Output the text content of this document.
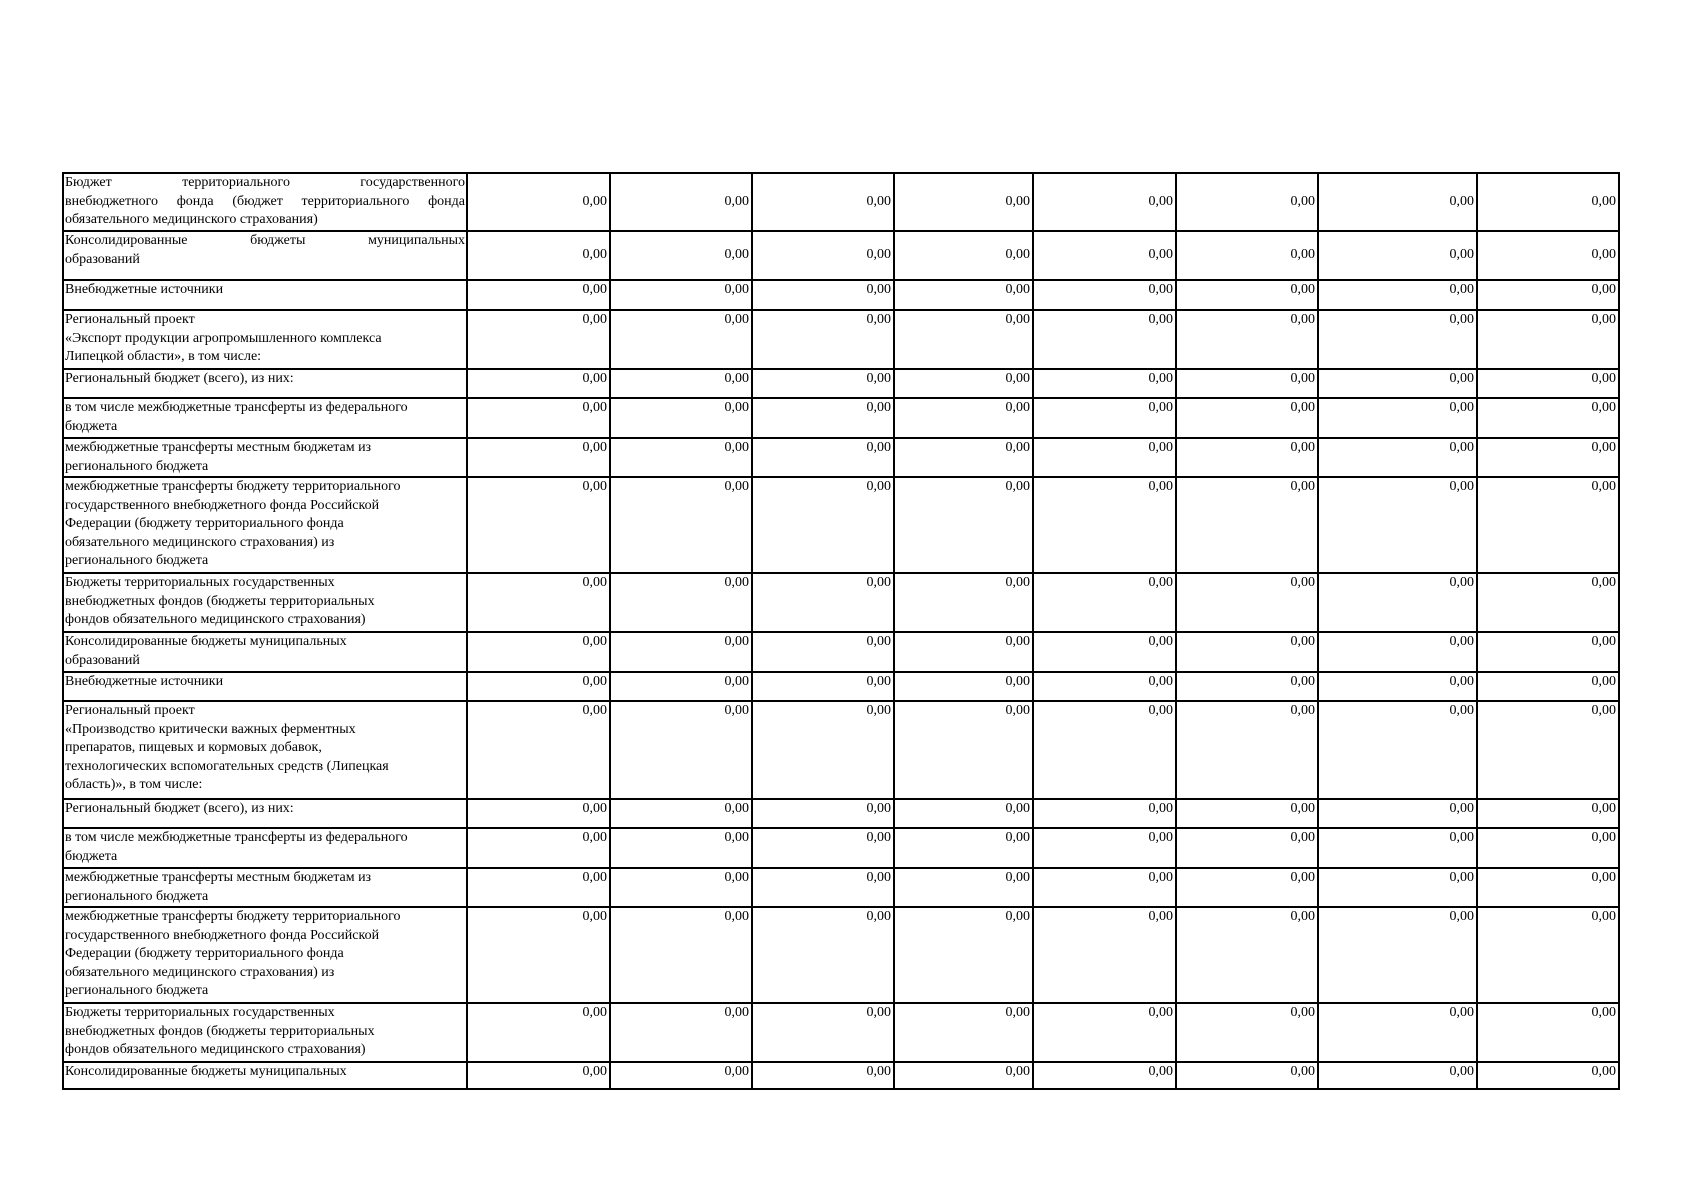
Бюджет территориального государственного
внебюджетного фонда (бюджет территориального фонда
обязательного медицинского страхования)	0,00	0,00	0,00	0,00	0,00	0,00	0,00	0,00

Консолидированные бюджеты муниципальных
образований	0,00	0,00	0,00	0,00	0,00	0,00	0,00	0,00

Внебюджетные источники	0,00	0,00	0,00	0,00	0,00	0,00	0,00	0,00

Региональный проект
«Экспорт продукции агропромышленного комплекса
Липецкой области», в том числе:	0,00	0,00	0,00	0,00	0,00	0,00	0,00	0,00

Региональный бюджет (всего), из них:	0,00	0,00	0,00	0,00	0,00	0,00	0,00	0,00

в том числе межбюджетные трансферты из федерального
бюджета	0,00	0,00	0,00	0,00	0,00	0,00	0,00	0,00

межбюджетные трансферты местным бюджетам из
регионального бюджета	0,00	0,00	0,00	0,00	0,00	0,00	0,00	0,00

межбюджетные трансферты бюджету территориального
государственного внебюджетного фонда Российской
Федерации (бюджету территориального фонда
обязательного медицинского страхования) из
регионального бюджета	0,00	0,00	0,00	0,00	0,00	0,00	0,00	0,00

Бюджеты территориальных государственных
внебюджетных фондов (бюджеты территориальных
фондов обязательного медицинского страхования)	0,00	0,00	0,00	0,00	0,00	0,00	0,00	0,00

Консолидированные бюджеты муниципальных
образований	0,00	0,00	0,00	0,00	0,00	0,00	0,00	0,00

Внебюджетные источники	0,00	0,00	0,00	0,00	0,00	0,00	0,00	0,00

Региональный проект
«Производство критически важных ферментных
препаратов, пищевых и кормовых добавок,
технологических вспомогательных средств (Липецкая
область)», в том числе:	0,00	0,00	0,00	0,00	0,00	0,00	0,00	0,00

Региональный бюджет (всего), из них:	0,00	0,00	0,00	0,00	0,00	0,00	0,00	0,00

в том числе межбюджетные трансферты из федерального
бюджета	0,00	0,00	0,00	0,00	0,00	0,00	0,00	0,00

межбюджетные трансферты местным бюджетам из
регионального бюджета	0,00	0,00	0,00	0,00	0,00	0,00	0,00	0,00

межбюджетные трансферты бюджету территориального
государственного внебюджетного фонда Российской
Федерации (бюджету территориального фонда
обязательного медицинского страхования) из
регионального бюджета	0,00	0,00	0,00	0,00	0,00	0,00	0,00	0,00

Бюджеты территориальных государственных
внебюджетных фондов (бюджеты территориальных
фондов обязательного медицинского страхования)	0,00	0,00	0,00	0,00	0,00	0,00	0,00	0,00

Консолидированные бюджеты муниципальных	0,00	0,00	0,00	0,00	0,00	0,00	0,00	0,00
